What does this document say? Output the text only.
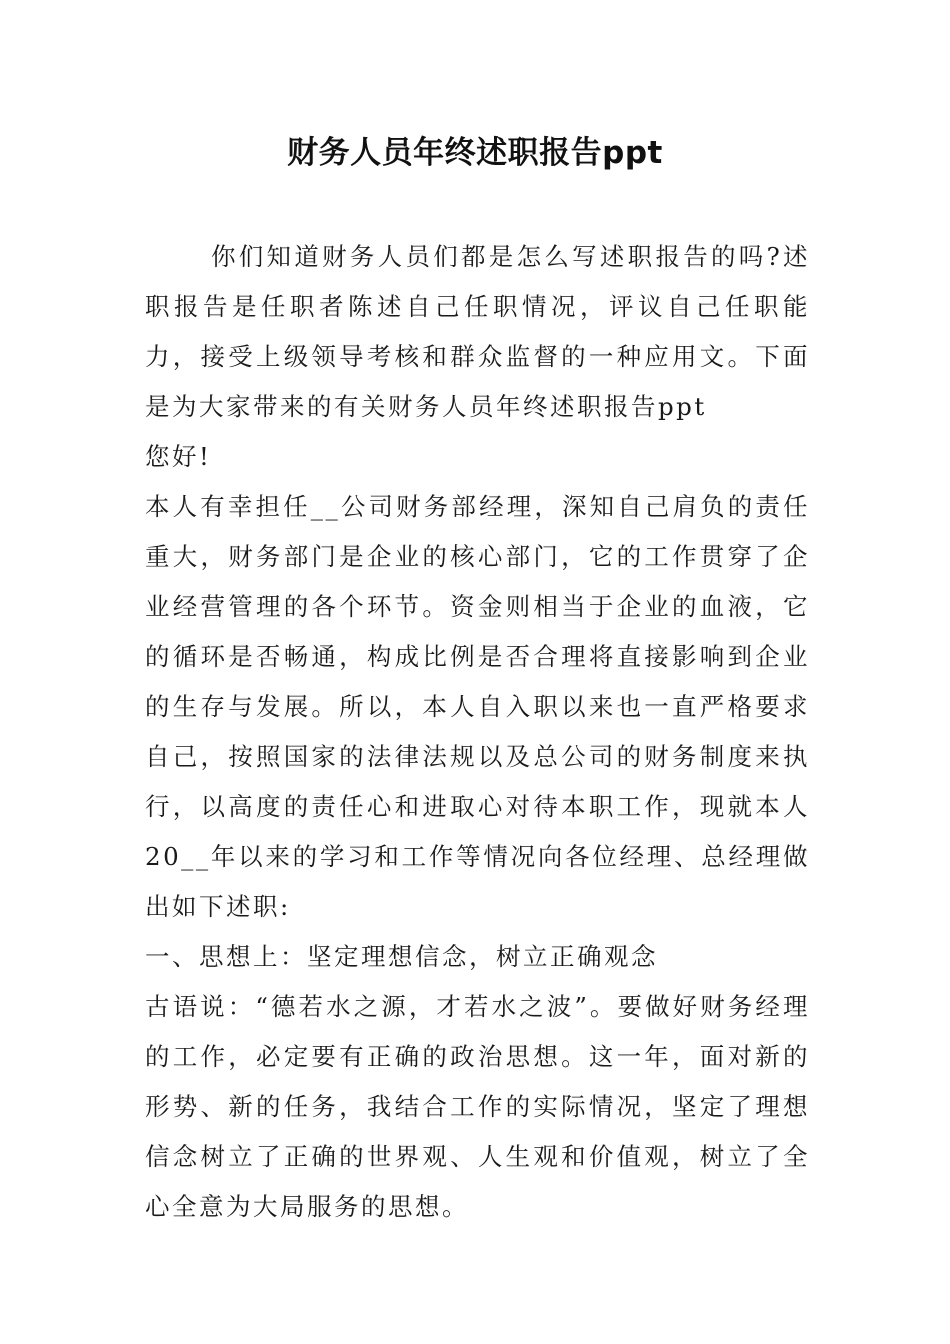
财务人员年终述职报告ppt

你们知道财务人员们都是怎么写述职报告的吗?述职报告是任职者陈述自己任职情况，评议自己任职能力，接受上级领导考核和群众监督的一种应用文。下面是为大家带来的有关财务人员年终述职报告ppt

您好!

本人有幸担任__公司财务部经理，深知自己肩负的责任重大，财务部门是企业的核心部门，它的工作贯穿了企业经营管理的各个环节。资金则相当于企业的血液，它的循环是否畅通，构成比例是否合理将直接影响到企业的生存与发展。所以，本人自入职以来也一直严格要求自己，按照国家的法律法规以及总公司的财务制度来执行，以高度的责任心和进取心对待本职工作，现就本人20__年以来的学习和工作等情况向各位经理、总经理做出如下述职:

一、思想上：坚定理想信念，树立正确观念

古语说：“德若水之源，才若水之波”。要做好财务经理的工作，必定要有正确的政治思想。这一年，面对新的形势、新的任务，我结合工作的实际情况，坚定了理想信念树立了正确的世界观、人生观和价值观，树立了全心全意为大局服务的思想。
